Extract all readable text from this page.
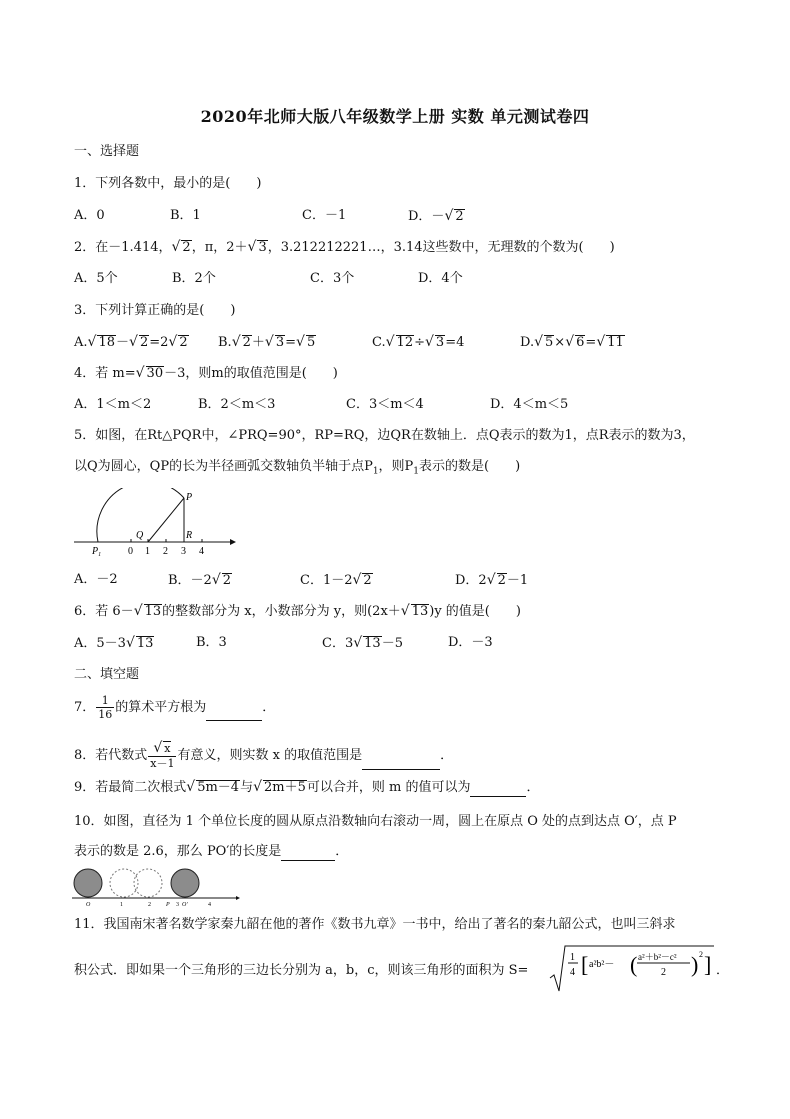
2020年北师大版八年级数学上册 实数 单元测试卷四
一、选择题
1．下列各数中，最小的是(　　)
A．0	B．1	C．－1	D．－√ 2
2．在－1.414，√ 2，π，2＋√ 3，3.212212221…，3.14这些数中，无理数的个数为(　　)
A．5个	B．2个	C．3个	D．4个
3．下列计算正确的是(　　)
A.√ 18－√ 2=2√ 2 B.√ 2＋√ 3=√ 5	C.√ 12÷√ 3=4	D.√ 5×√ 6=√ 11
4．若 m=√ 30－3，则m的取值范围是(　　)
A．1＜m＜2	B．2＜m＜3	C．3＜m＜4	D．4＜m＜5
5．如图，在Rt△PQR中，∠PRQ=90°，RP=RQ，边QR在数轴上．点Q表示的数为1，点R表示的数为3，
以Q为圆心，QP的长为半径画弧交数轴负半轴于点$P_1$，则$P_1$表示的数是(　　)
P
Q	R
$P_1$	0 1 2 3 4
A．－2	B．－2√ 2	C．1－2√ 2	D．2√ 2－1
6．若 6－√ 13的整数部分为 x，小数部分为 y，则(2x＋√ 13)y 的值是(　　)
A．5－3√ 13	B．3	C．3√ 13－5	D．－3
二、填空题
7． $\frac{1}{16}$ 的算术平方根为	．
8．若代数式 $\frac{√ x}{x-1}$ 有意义，则实数 x 的取值范围是	．
9．若最简二次根式√ 5m－4与√ 2m＋5可以合并，则 m 的值可以为	．
10．如图，直径为 1 个单位长度的圆从原点沿数轴向右滚动一周，圆上在原点 O 处的点到达点 O′，点 P
表示的数是 2.6，那么 PO′的长度是	．
O	1	2	P 3 O'	4
11．我国南宋著名数学家秦九韶在他的著作《数书九章》一书中，给出了著名的秦九韶公式，也叫三斜求
积公式．即如果一个三角形的三边长分别为 a，b，c，则该三角形的面积为 S=
1
4 [ a²b²－ ( a²＋b²－c²
2 ) 2 ] ．
